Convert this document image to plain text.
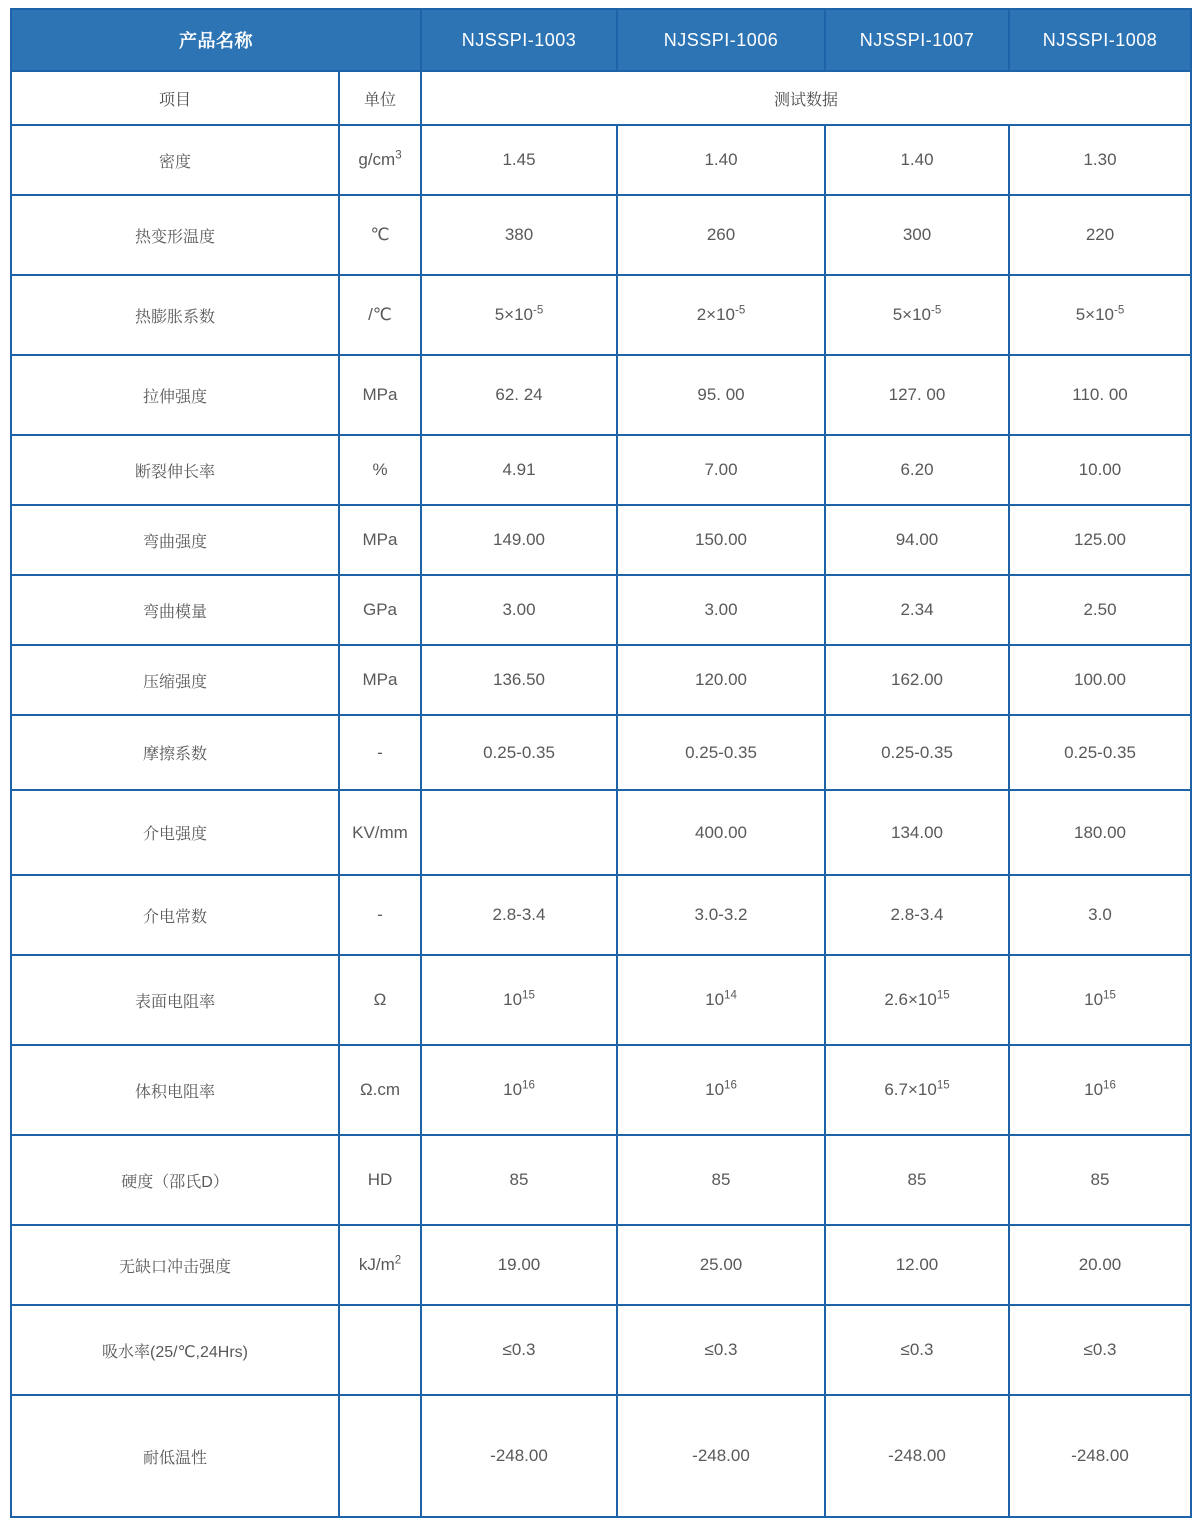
产品名称		NJSSPI-1003	NJSSPI-1006	NJSSPI-1007	NJSSPI-1008
项目	单位	测试数据			
密度	$g/cm^3$	1.45	1.40	1.40	1.30
热变形温度	℃	380	260	300	220
热膨胀系数	/℃	$5\times 10^{-5}$	$2\times 10^{-5}$	$5\times 10^{-5}$	$5\times 10^{-5}$
拉伸强度	MPa	62. 24	95. 00	127. 00	110. 00
断裂伸长率	%	4.91	7.00	6.20	10.00
弯曲强度	MPa	149.00	150.00	94.00	125.00
弯曲模量	GPa	3.00	3.00	2.34	2.50
压缩强度	MPa	136.50	120.00	162.00	100.00
摩擦系数	-	0.25-0.35	0.25-0.35	0.25-0.35	0.25-0.35
介电强度	KV/mm		400.00	134.00	180.00
介电常数	-	2.8-3.4	3.0-3.2	2.8-3.4	3.0
表面电阻率	Ω	$10^{15}$	$10^{14}$	$2.6\times 10^{15}$	$10^{15}$
体积电阻率	Ω.cm	$10^{16}$	$10^{16}$	$6.7\times 10^{15}$	$10^{16}$
硬度（邵氏D）	HD	85	85	85	85
无缺口冲击强度	$kJ/m^2$	19.00	25.00	12.00	20.00
吸水率(25/℃,24Hrs)		≤0.3	≤0.3	≤0.3	≤0.3
耐低温性		-248.00	-248.00	-248.00	-248.00
